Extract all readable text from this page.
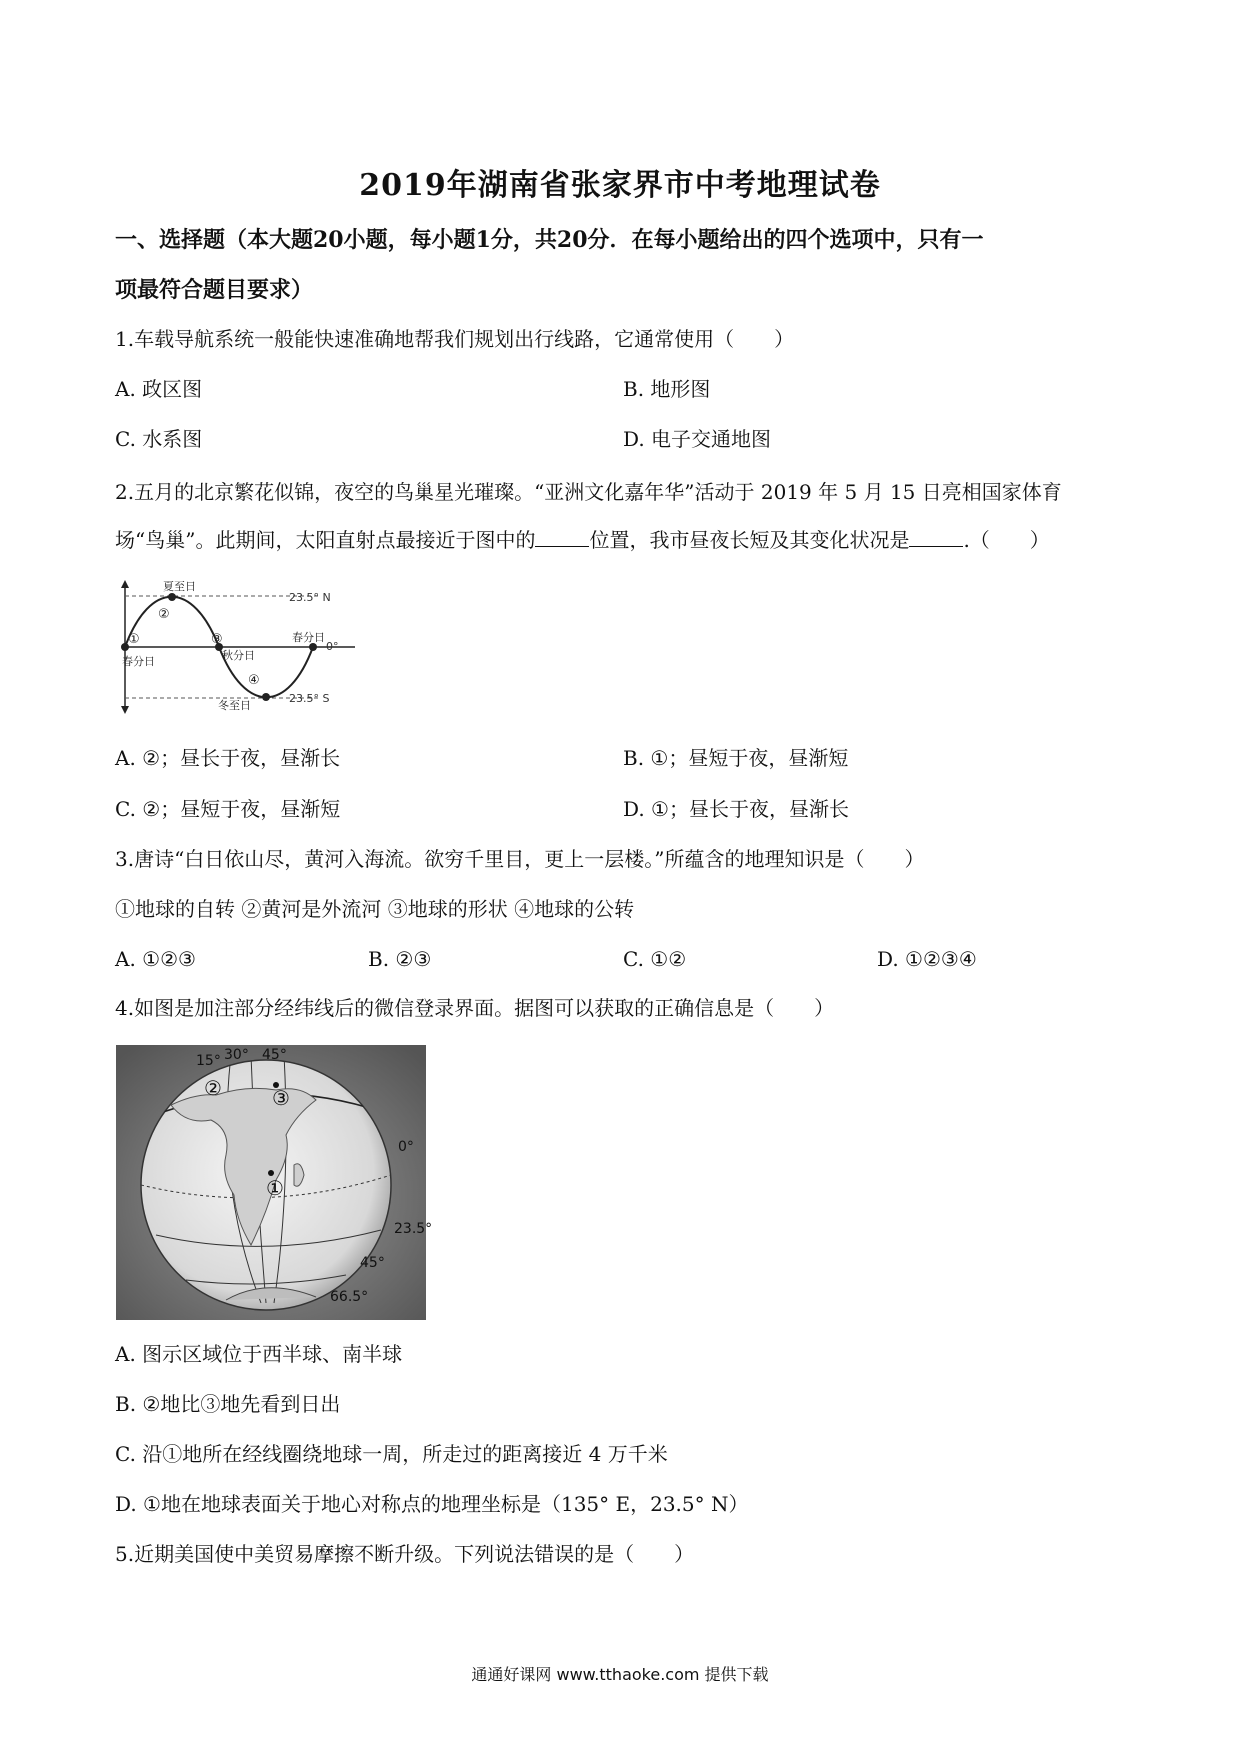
2019年湖南省张家界市中考地理试卷
一、选择题（本大题20小题，每小题1分，共20分．在每小题给出的四个选项中，只有一
项最符合题目要求）
1.车载导航系统一般能快速准确地帮我们规划出行线路，它通常使用（　　）
A. 政区图	B. 地形图
C. 水系图	D. 电子交通地图
2.五月的北京繁花似锦，夜空的鸟巢星光璀璨。“亚洲文化嘉年华”活动于 2019 年 5 月 15 日亮相国家体育
场“鸟巢”。此期间，太阳直射点最接近于图中的	位置，我市昼夜长短及其变化状况是	.（　　）
夏至日
②
①
春分日
③
秋分日
春分日
④
冬至日
23.5° N
0°
23.5° S
A. ②；昼长于夜，昼渐长	B. ①；昼短于夜，昼渐短
C. ②；昼短于夜，昼渐短	D. ①；昼长于夜，昼渐长
3.唐诗“白日依山尽，黄河入海流。欲穷千里目，更上一层楼。”所蕴含的地理知识是（　　）
①地球的自转 ②黄河是外流河 ③地球的形状 ④地球的公转
A. ①②③	B. ②③	C. ①②	D. ①②③④
4.如图是加注部分经纬线后的微信登录界面。据图可以获取的正确信息是（　　）
15° 30° 45°
②	③
①
0°
23.5°
45°
66.5°
A. 图示区域位于西半球、南半球
B. ②地比③地先看到日出
C. 沿①地所在经线圈绕地球一周，所走过的距离接近 4 万千米
D. ①地在地球表面关于地心对称点的地理坐标是（135° E，23.5° N）
5.近期美国使中美贸易摩擦不断升级。下列说法错误的是（　　）
通通好课网 www.tthaoke.com 提供下载
